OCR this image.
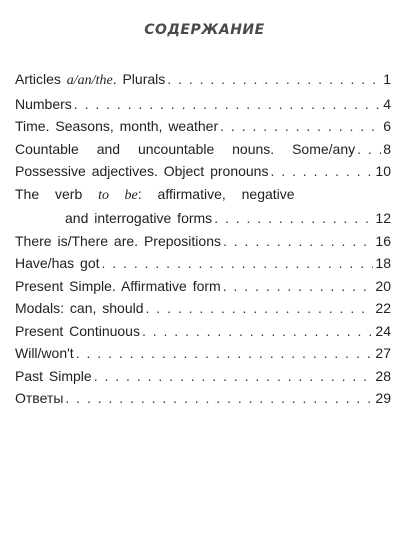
СОДЕРЖАНИЕ
Articles a/an/the. Plurals . . .	1
Numbers . . .	4
Time. Seasons, month, weather . . .	6
Countable and uncountable nouns. Some/any . . . 8
Possessive adjectives. Object pronouns . . .	10
The verb to be: affirmative, negative
and interrogative forms . . .	12
There is/There are. Prepositions . . .	16
Have/has got . . .	18
Present Simple. Affirmative form . . .	20
Modals: can, should . . .	22
Present Continuous . . .	24
Will/won't . . .	27
Past Simple . . .	28
Ответы . . .	29
